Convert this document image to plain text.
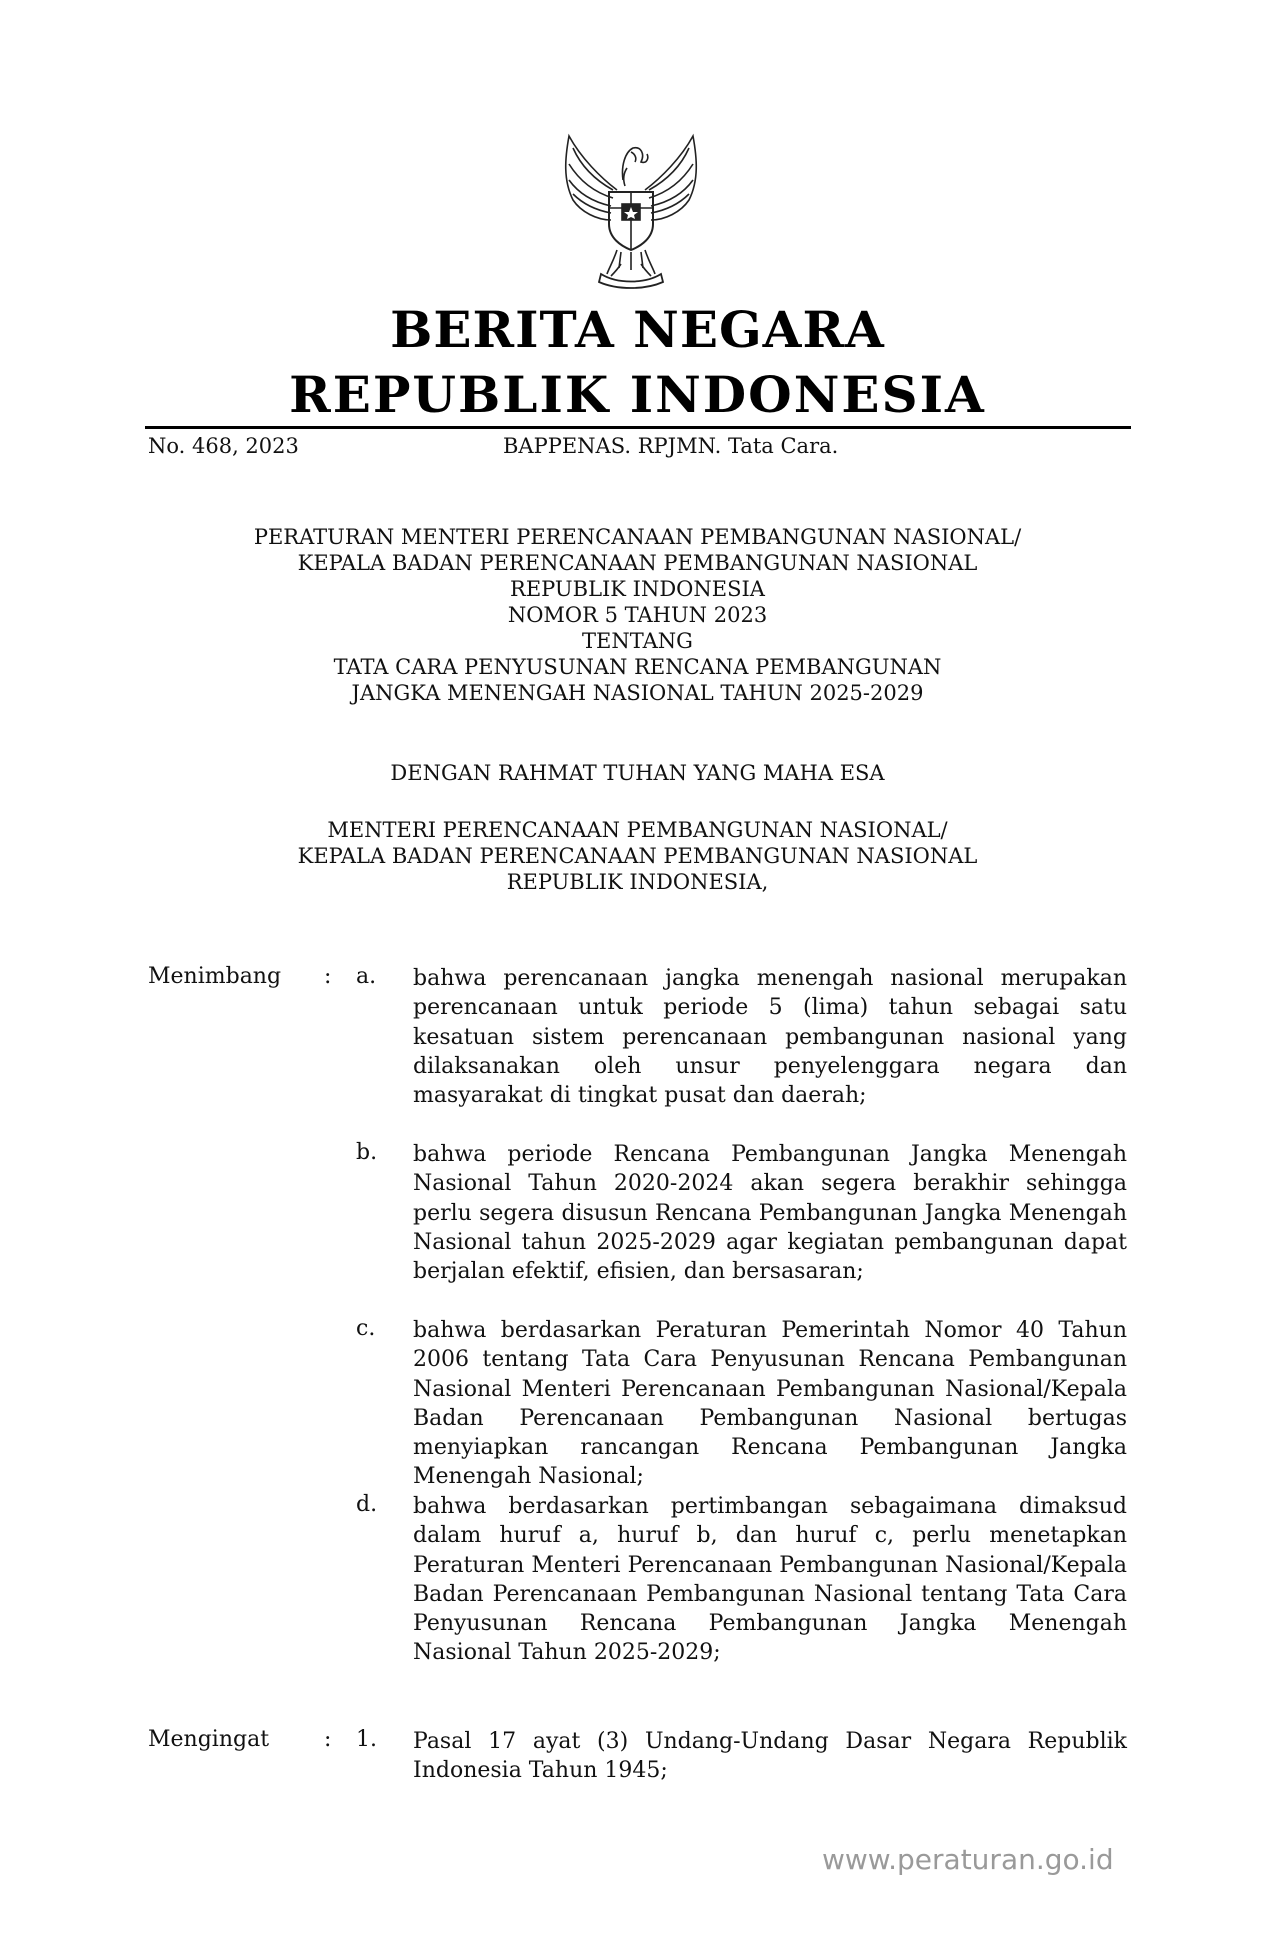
BERITA NEGARA
REPUBLIK INDONESIA
No. 468, 2023	BAPPENAS. RPJMN. Tata Cara.
PERATURAN MENTERI PERENCANAAN PEMBANGUNAN NASIONAL/
KEPALA BADAN PERENCANAAN PEMBANGUNAN NASIONAL
REPUBLIK INDONESIA
NOMOR 5 TAHUN 2023
TENTANG
TATA CARA PENYUSUNAN RENCANA PEMBANGUNAN
JANGKA MENENGAH NASIONAL TAHUN 2025-2029
DENGAN RAHMAT TUHAN YANG MAHA ESA
MENTERI PERENCANAAN PEMBANGUNAN NASIONAL/
KEPALA BADAN PERENCANAAN PEMBANGUNAN NASIONAL
REPUBLIK INDONESIA,
Menimbang : a. bahwa perencanaan jangka menengah nasional merupakan perencanaan untuk periode 5 (lima) tahun sebagai satu kesatuan sistem perencanaan pembangunan nasional yang dilaksanakan oleh unsur penyelenggara negara dan masyarakat di tingkat pusat dan daerah;
b. bahwa periode Rencana Pembangunan Jangka Menengah Nasional Tahun 2020-2024 akan segera berakhir sehingga perlu segera disusun Rencana Pembangunan Jangka Menengah Nasional tahun 2025-2029 agar kegiatan pembangunan dapat berjalan efektif, efisien, dan bersasaran;
c. bahwa berdasarkan Peraturan Pemerintah Nomor 40 Tahun 2006 tentang Tata Cara Penyusunan Rencana Pembangunan Nasional Menteri Perencanaan Pembangunan Nasional/Kepala Badan Perencanaan Pembangunan Nasional bertugas menyiapkan rancangan Rencana Pembangunan Jangka Menengah Nasional;
d. bahwa berdasarkan pertimbangan sebagaimana dimaksud dalam huruf a, huruf b, dan huruf c, perlu menetapkan Peraturan Menteri Perencanaan Pembangunan Nasional/Kepala Badan Perencanaan Pembangunan Nasional tentang Tata Cara Penyusunan Rencana Pembangunan Jangka Menengah Nasional Tahun 2025-2029;
Mengingat : 1. Pasal 17 ayat (3) Undang-Undang Dasar Negara Republik Indonesia Tahun 1945;
www.peraturan.go.id
